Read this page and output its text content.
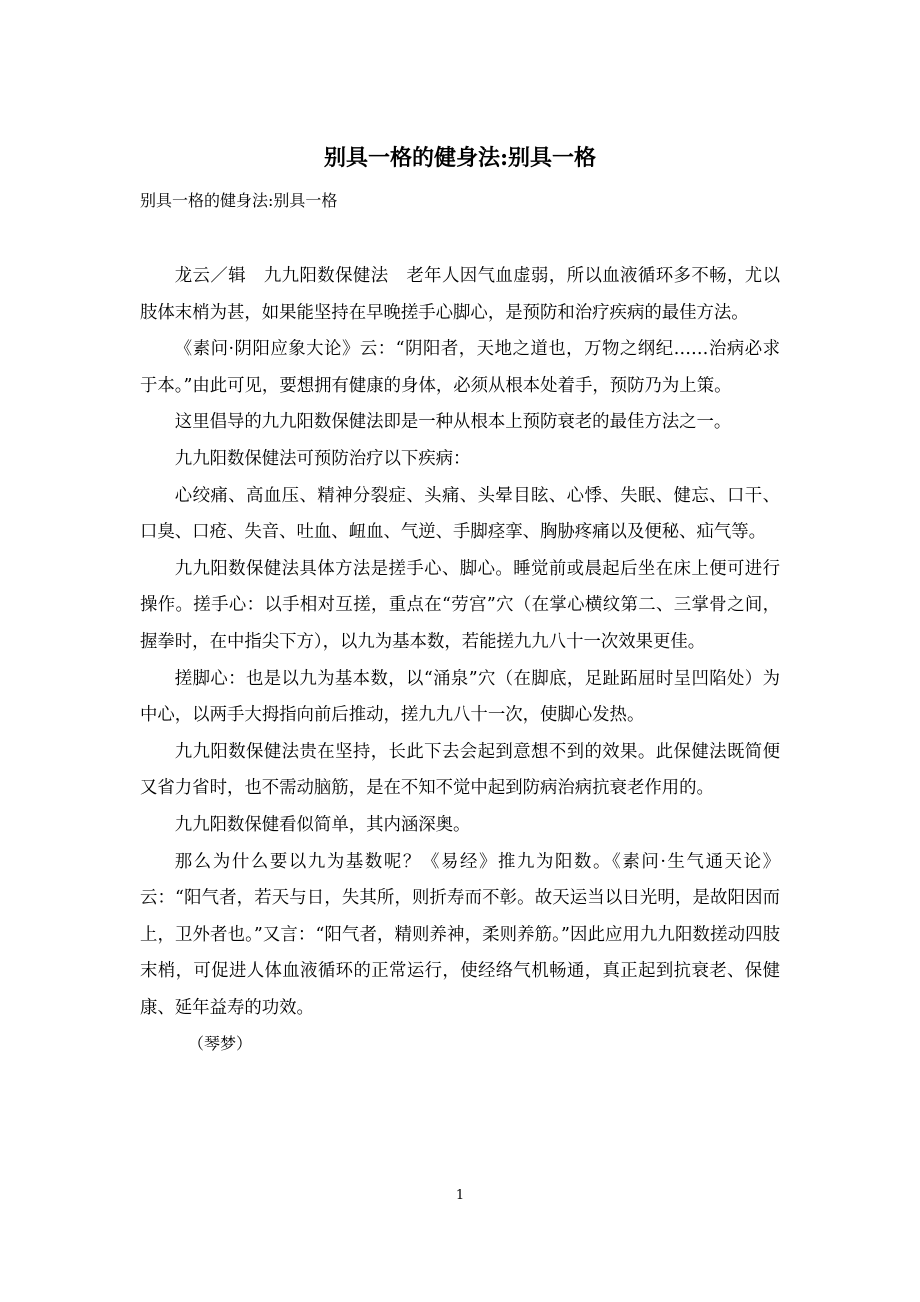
别具一格的健身法:别具一格

别具一格的健身法:别具一格

龙云／辑　九九阳数保健法　老年人因气血虚弱，所以血液循环多不畅，尤以肢体末梢为甚，如果能坚持在早晚搓手心脚心，是预防和治疗疾病的最佳方法。

《素问·阴阳应象大论》云：“阴阳者，天地之道也，万物之纲纪……治病必求于本。”由此可见，要想拥有健康的身体，必须从根本处着手，预防乃为上策。

这里倡导的九九阳数保健法即是一种从根本上预防衰老的最佳方法之一。

九九阳数保健法可预防治疗以下疾病：

心绞痛、高血压、精神分裂症、头痛、头晕目眩、心悸、失眠、健忘、口干、口臭、口疮、失音、吐血、衄血、气逆、手脚痉挛、胸胁疼痛以及便秘、疝气等。

九九阳数保健法具体方法是搓手心、脚心。睡觉前或晨起后坐在床上便可进行操作。搓手心：以手相对互搓，重点在“劳宫”穴（在掌心横纹第二、三掌骨之间，握拳时，在中指尖下方），以九为基本数，若能搓九九八十一次效果更佳。

搓脚心：也是以九为基本数，以“涌泉”穴（在脚底，足趾跖屈时呈凹陷处）为中心，以两手大拇指向前后推动，搓九九八十一次，使脚心发热。

九九阳数保健法贵在坚持，长此下去会起到意想不到的效果。此保健法既简便又省力省时，也不需动脑筋，是在不知不觉中起到防病治病抗衰老作用的。

九九阳数保健看似简单，其内涵深奥。

那么为什么要以九为基数呢？《易经》推九为阳数。《素问·生气通天论》云：“阳气者，若天与日，失其所，则折寿而不彰。故天运当以日光明，是故阳因而上，卫外者也。”又言：“阳气者，精则养神，柔则养筋。”因此应用九九阳数搓动四肢末梢，可促进人体血液循环的正常运行，使经络气机畅通，真正起到抗衰老、保健康、延年益寿的功效。

（琴梦）

1
